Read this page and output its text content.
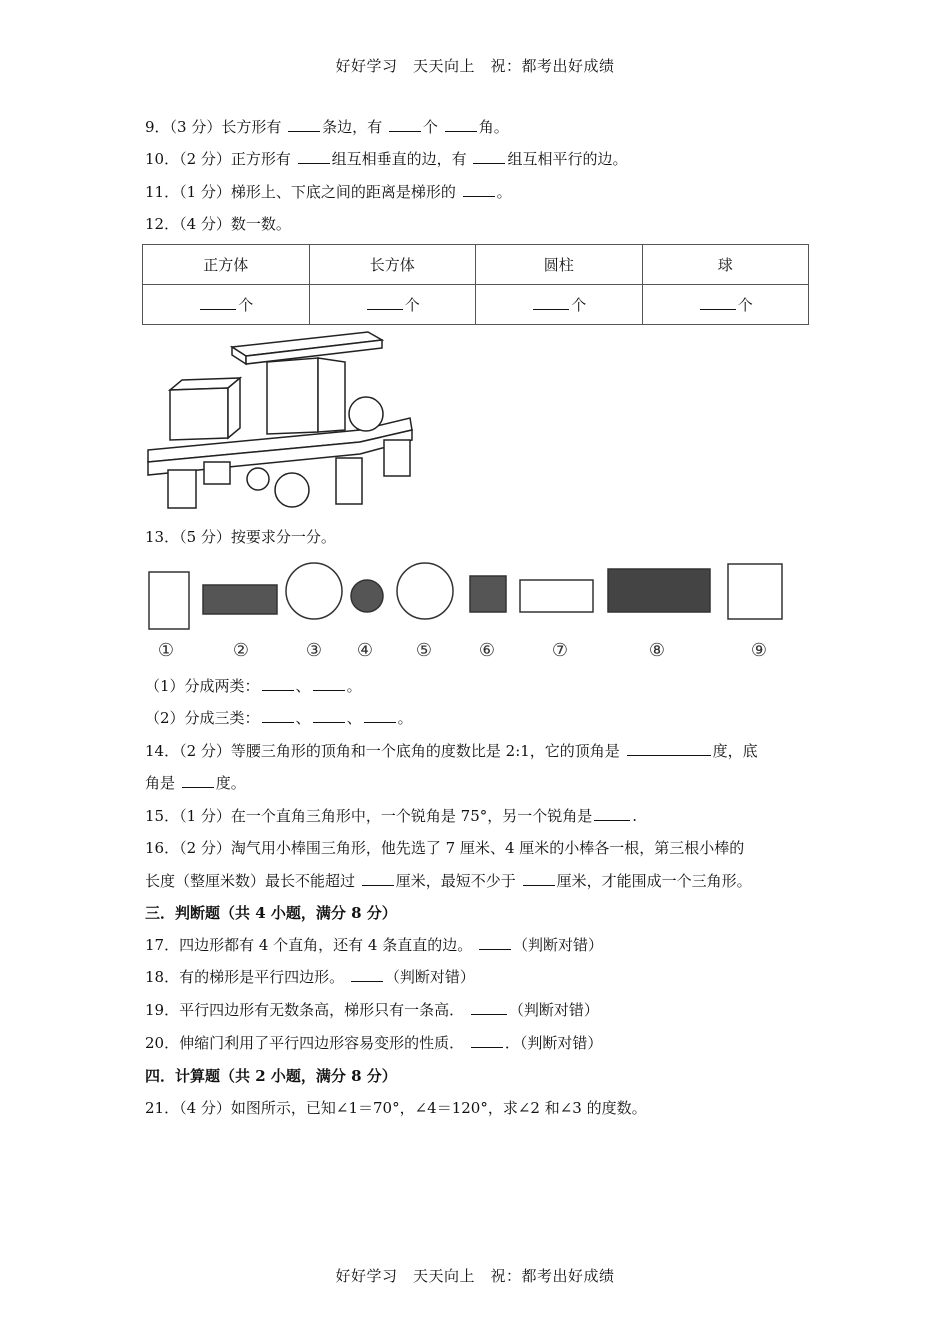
好好学习　天天向上　祝：都考出好成绩
9．（3 分）长方形有 条边，有 个 角。
10．（2 分）正方形有 组互相垂直的边，有 组互相平行的边。
11．（1 分）梯形上、下底之间的距离是梯形的 。
12．（4 分）数一数。
正方体	长方体	圆柱	球
个	个	个	个
13．（5 分）按要求分一分。
①	②	③ ④ ⑤	⑥	⑦	⑧	⑨
（1）分成两类： 、 。
（2）分成三类： 、 、 。
14．（2 分）等腰三角形的顶角和一个底角的度数比是 2:1，它的顶角是	度，底
角是 度。
15．（1 分）在一个直角三角形中，一个锐角是 75°，另一个锐角是	.
16．（2 分）淘气用小棒围三角形，他先选了 7 厘米、4 厘米的小棒各一根，第三根小棒的
长度（整厘米数）最长不能超过 厘米，最短不少于 厘米，才能围成一个三角形。
三．判断题（共 4 小题，满分 8 分）
17．四边形都有 4 个直角，还有 4 条直直的边。 （判断对错）
18．有的梯形是平行四边形。 （判断对错）
19．平行四边形有无数条高，梯形只有一条高．	（判断对错）
20．伸缩门利用了平行四边形容易变形的性质． ．（判断对错）
四．计算题（共 2 小题，满分 8 分）
21．（4 分）如图所示，已知∠1＝70°，∠4＝120°，求∠2 和∠3 的度数。
好好学习　天天向上　祝：都考出好成绩
